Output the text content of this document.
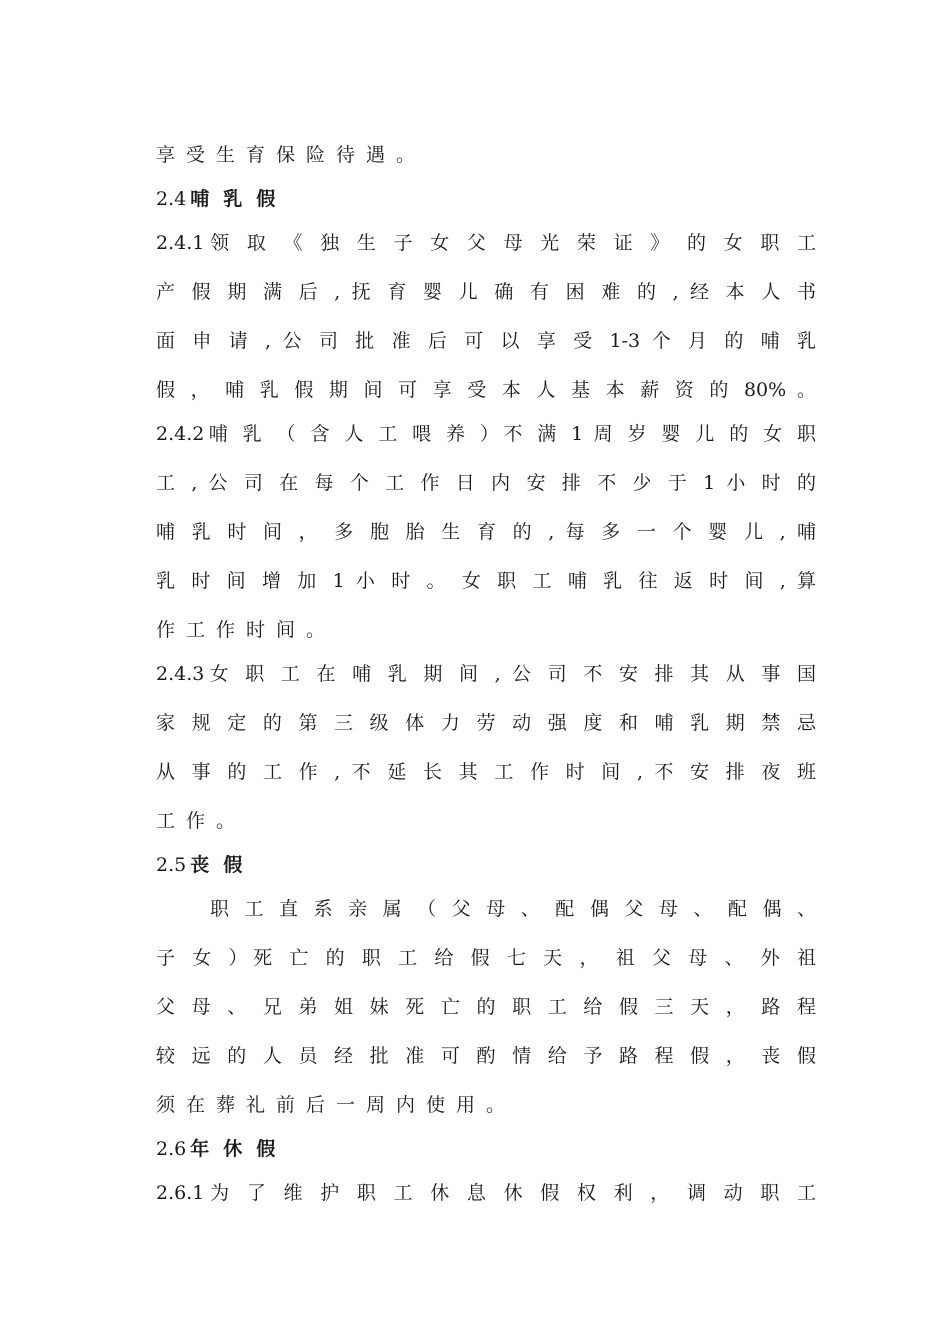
享受生育保险待遇。
2.4 哺乳假
2.4.1领 取 《 独 生 子 女 父 母 光 荣 证 》 的 女 职 工
产 假 期 满 后 , 抚 育 婴 儿 确 有 困 难 的 , 经 本 人 书
面 申 请 , 公 司 批 准 后 可 以 享 受 1-3 个 月 的 哺 乳
假 ， 哺 乳 假 期 间 可 享 受 本 人 基 本 薪 资 的 80% 。
2.4.2哺 乳 （ 含 人 工 喂 养 ）不 满 1 周 岁 婴 儿 的 女 职
工 , 公 司 在 每 个 工 作 日 内 安 排 不 少 于 1 小 时 的
哺 乳 时 间 ， 多 胞 胎 生 育 的 , 每 多 一 个 婴 儿 , 哺
乳 时 间 增 加 1 小 时 。 女 职 工 哺 乳 往 返 时 间 , 算
作工作时间。
2.4.3女 职 工 在 哺 乳 期 间 , 公 司 不 安 排 其 从 事 国
家 规 定 的 第 三 级 体 力 劳 动 强 度 和 哺 乳 期 禁 忌
从 事 的 工 作 , 不 延 长 其 工 作 时 间 , 不 安 排 夜 班
工作。
2.5 丧假
职 工 直 系 亲 属 （ 父 母 、 配 偶 父 母 、 配 偶 、
子 女 ）死 亡 的 职 工 给 假 七 天 ， 祖 父 母 、 外 祖
父 母 、 兄 弟 姐 妹 死 亡 的 职 工 给 假 三 天 ， 路 程
较 远 的 人 员 经 批 准 可 酌 情 给 予 路 程 假 ， 丧 假
须在葬礼前后一周内使用。
2.6 年休假
2.6.1为 了 维 护 职 工 休 息 休 假 权 利 ， 调 动 职 工
